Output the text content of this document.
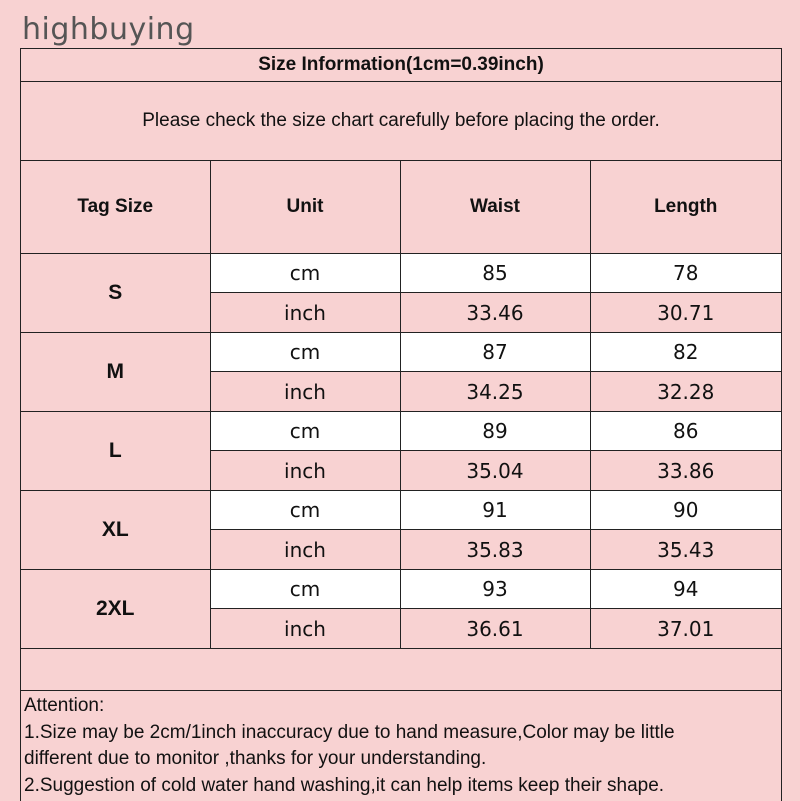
highbuying
Size Information(1cm=0.39inch)
Please check the size chart carefully before placing the order.
Tag Size	Unit	Waist	Length
S	cm	85	78
	inch	33.46	30.71
M	cm	87	82
	inch	34.25	32.28
L	cm	89	86
	inch	35.04	33.86
XL	cm	91	90
	inch	35.83	35.43
2XL	cm	93	94
	inch	36.61	37.01
Attention:
1.Size may be 2cm/1inch inaccuracy due to hand measure,Color may be little
different due to monitor ,thanks for your understanding.
2.Suggestion of cold water hand washing,it can help items keep their shape.
